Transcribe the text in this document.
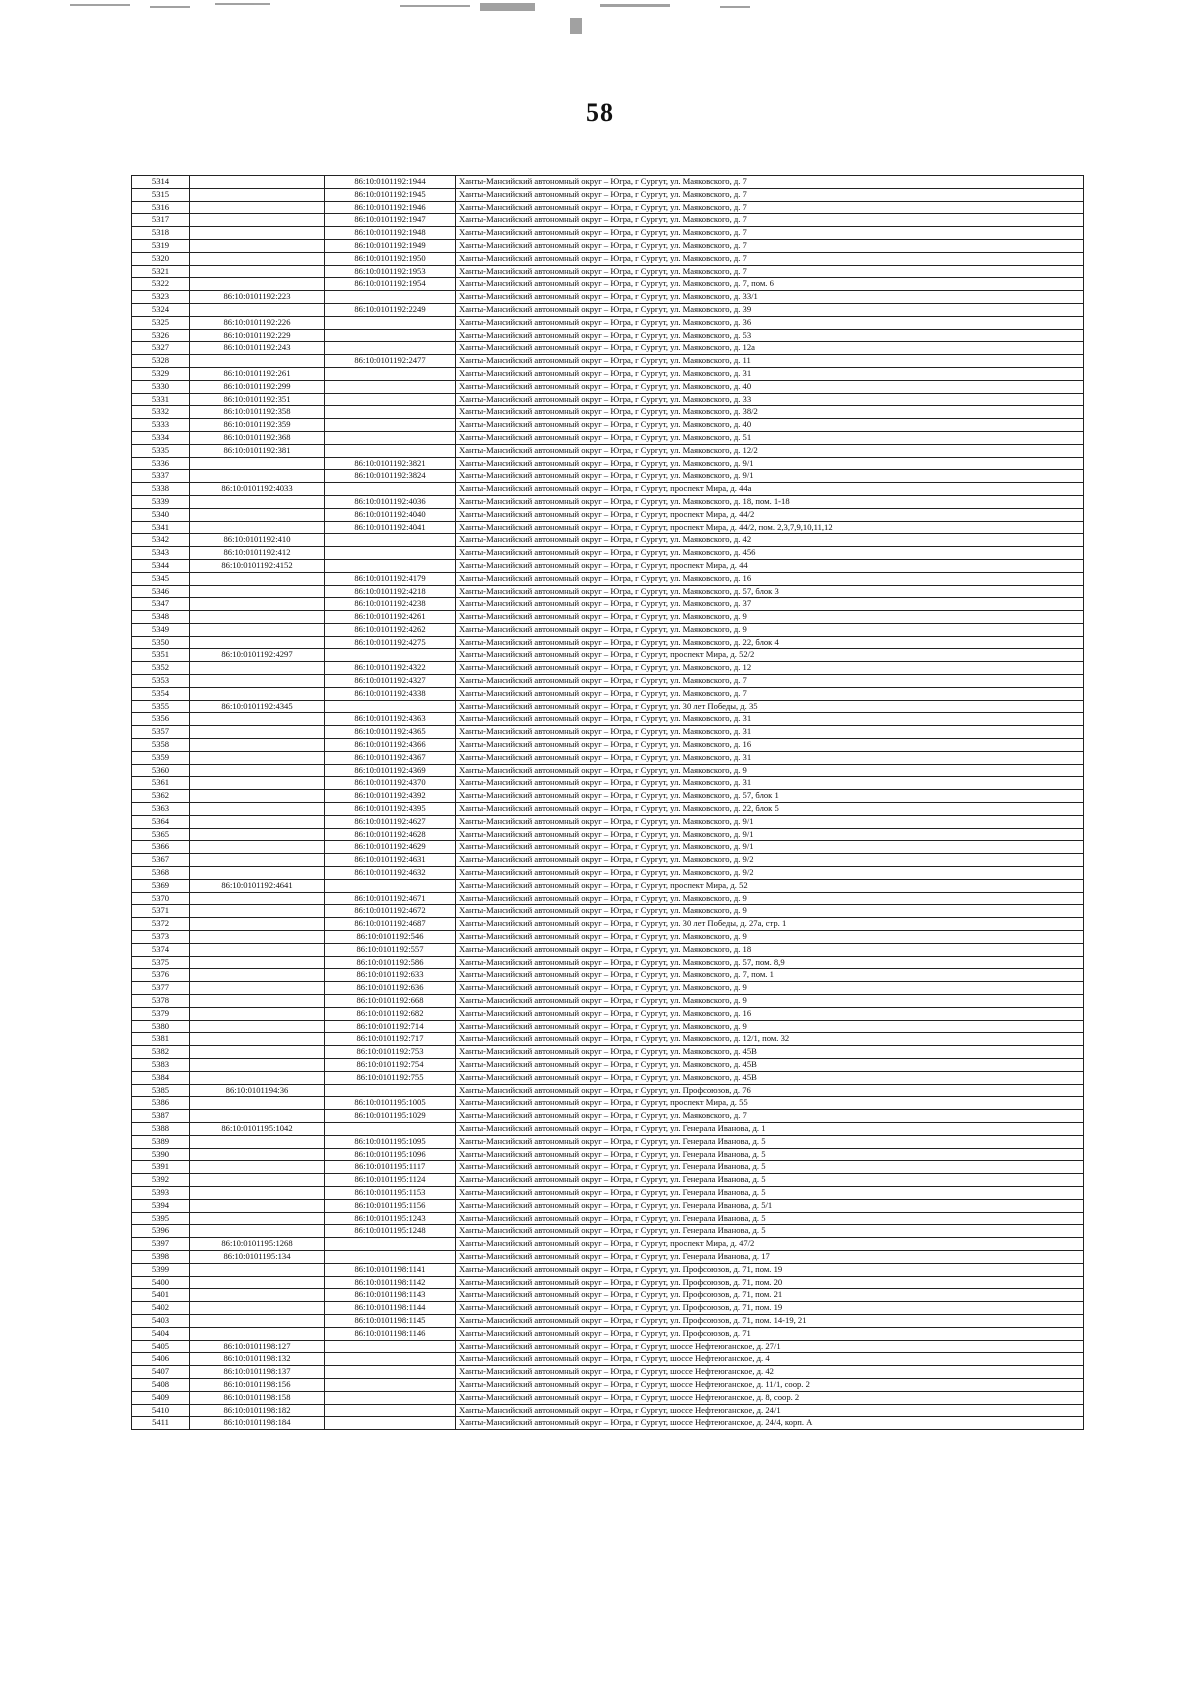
58
5314		86:10:0101192:1944	Ханты-Мансийский автономный округ – Югра, г Сургут, ул. Маяковского, д. 7
5315		86:10:0101192:1945	Ханты-Мансийский автономный округ – Югра, г Сургут, ул. Маяковского, д. 7
5316		86:10:0101192:1946	Ханты-Мансийский автономный округ – Югра, г Сургут, ул. Маяковского, д. 7
5317		86:10:0101192:1947	Ханты-Мансийский автономный округ – Югра, г Сургут, ул. Маяковского, д. 7
5318		86:10:0101192:1948	Ханты-Мансийский автономный округ – Югра, г Сургут, ул. Маяковского, д. 7
5319		86:10:0101192:1949	Ханты-Мансийский автономный округ – Югра, г Сургут, ул. Маяковского, д. 7
5320		86:10:0101192:1950	Ханты-Мансийский автономный округ – Югра, г Сургут, ул. Маяковского, д. 7
5321		86:10:0101192:1953	Ханты-Мансийский автономный округ – Югра, г Сургут, ул. Маяковского, д. 7
5322		86:10:0101192:1954	Ханты-Мансийский автономный округ – Югра, г Сургут, ул. Маяковского, д. 7, пом. 6
5323	86:10:0101192:223		Ханты-Мансийский автономный округ – Югра, г Сургут, ул. Маяковского, д. 33/1
5324		86:10:0101192:2249	Ханты-Мансийский автономный округ – Югра, г Сургут, ул. Маяковского, д. 39
5325	86:10:0101192:226		Ханты-Мансийский автономный округ – Югра, г Сургут, ул. Маяковского, д. 36
5326	86:10:0101192:229		Ханты-Мансийский автономный округ – Югра, г Сургут, ул. Маяковского, д. 53
5327	86:10:0101192:243		Ханты-Мансийский автономный округ – Югра, г Сургут, ул. Маяковского, д. 12а
5328		86:10:0101192:2477	Ханты-Мансийский автономный округ – Югра, г Сургут, ул. Маяковского, д. 11
5329	86:10:0101192:261		Ханты-Мансийский автономный округ – Югра, г Сургут, ул. Маяковского, д. 31
5330	86:10:0101192:299		Ханты-Мансийский автономный округ – Югра, г Сургут, ул. Маяковского, д. 40
5331	86:10:0101192:351		Ханты-Мансийский автономный округ – Югра, г Сургут, ул. Маяковского, д. 33
5332	86:10:0101192:358		Ханты-Мансийский автономный округ – Югра, г Сургут, ул. Маяковского, д. 38/2
5333	86:10:0101192:359		Ханты-Мансийский автономный округ – Югра, г Сургут, ул. Маяковского, д. 40
5334	86:10:0101192:368		Ханты-Мансийский автономный округ – Югра, г Сургут, ул. Маяковского, д. 51
5335	86:10:0101192:381		Ханты-Мансийский автономный округ – Югра, г Сургут, ул. Маяковского, д. 12/2
5336		86:10:0101192:3821	Ханты-Мансийский автономный округ – Югра, г Сургут, ул. Маяковского, д. 9/1
5337		86:10:0101192:3824	Ханты-Мансийский автономный округ – Югра, г Сургут, ул. Маяковского, д. 9/1
5338	86:10:0101192:4033		Ханты-Мансийский автономный округ – Югра, г Сургут, проспект Мира, д. 44а
5339		86:10:0101192:4036	Ханты-Мансийский автономный округ – Югра, г Сургут, ул. Маяковского, д. 18, пом. 1-18
5340		86:10:0101192:4040	Ханты-Мансийский автономный округ – Югра, г Сургут, проспект Мира, д. 44/2
5341		86:10:0101192:4041	Ханты-Мансийский автономный округ – Югра, г Сургут, проспект Мира, д. 44/2, пом. 2,3,7,9,10,11,12
5342	86:10:0101192:410		Ханты-Мансийский автономный округ – Югра, г Сургут, ул. Маяковского, д. 42
5343	86:10:0101192:412		Ханты-Мансийский автономный округ – Югра, г Сургут, ул. Маяковского, д. 456
5344	86:10:0101192:4152		Ханты-Мансийский автономный округ – Югра, г Сургут, проспект Мира, д. 44
5345		86:10:0101192:4179	Ханты-Мансийский автономный округ – Югра, г Сургут, ул. Маяковского, д. 16
5346		86:10:0101192:4218	Ханты-Мансийский автономный округ – Югра, г Сургут, ул. Маяковского, д. 57, блок 3
5347		86:10:0101192:4238	Ханты-Мансийский автономный округ – Югра, г Сургут, ул. Маяковского, д. 37
5348		86:10:0101192:4261	Ханты-Мансийский автономный округ – Югра, г Сургут, ул. Маяковского, д. 9
5349		86:10:0101192:4262	Ханты-Мансийский автономный округ – Югра, г Сургут, ул. Маяковского, д. 9
5350		86:10:0101192:4275	Ханты-Мансийский автономный округ – Югра, г Сургут, ул. Маяковского, д. 22, блок 4
5351	86:10:0101192:4297		Ханты-Мансийский автономный округ – Югра, г Сургут, проспект Мира, д. 52/2
5352		86:10:0101192:4322	Ханты-Мансийский автономный округ – Югра, г Сургут, ул. Маяковского, д. 12
5353		86:10:0101192:4327	Ханты-Мансийский автономный округ – Югра, г Сургут, ул. Маяковского, д. 7
5354		86:10:0101192:4338	Ханты-Мансийский автономный округ – Югра, г Сургут, ул. Маяковского, д. 7
5355	86:10:0101192:4345		Ханты-Мансийский автономный округ – Югра, г Сургут, ул. 30 лет Победы, д. 35
5356		86:10:0101192:4363	Ханты-Мансийский автономный округ – Югра, г Сургут, ул. Маяковского, д. 31
5357		86:10:0101192:4365	Ханты-Мансийский автономный округ – Югра, г Сургут, ул. Маяковского, д. 31
5358		86:10:0101192:4366	Ханты-Мансийский автономный округ – Югра, г Сургут, ул. Маяковского, д. 16
5359		86:10:0101192:4367	Ханты-Мансийский автономный округ – Югра, г Сургут, ул. Маяковского, д. 31
5360		86:10:0101192:4369	Ханты-Мансийский автономный округ – Югра, г Сургут, ул. Маяковского, д. 9
5361		86:10:0101192:4370	Ханты-Мансийский автономный округ – Югра, г Сургут, ул. Маяковского, д. 31
5362		86:10:0101192:4392	Ханты-Мансийский автономный округ – Югра, г Сургут, ул. Маяковского, д. 57, блок 1
5363		86:10:0101192:4395	Ханты-Мансийский автономный округ – Югра, г Сургут, ул. Маяковского, д. 22, блок 5
5364		86:10:0101192:4627	Ханты-Мансийский автономный округ – Югра, г Сургут, ул. Маяковского, д. 9/1
5365		86:10:0101192:4628	Ханты-Мансийский автономный округ – Югра, г Сургут, ул. Маяковского, д. 9/1
5366		86:10:0101192:4629	Ханты-Мансийский автономный округ – Югра, г Сургут, ул. Маяковского, д. 9/1
5367		86:10:0101192:4631	Ханты-Мансийский автономный округ – Югра, г Сургут, ул. Маяковского, д. 9/2
5368		86:10:0101192:4632	Ханты-Мансийский автономный округ – Югра, г Сургут, ул. Маяковского, д. 9/2
5369	86:10:0101192:4641		Ханты-Мансийский автономный округ – Югра, г Сургут, проспект Мира, д. 52
5370		86:10:0101192:4671	Ханты-Мансийский автономный округ – Югра, г Сургут, ул. Маяковского, д. 9
5371		86:10:0101192:4672	Ханты-Мансийский автономный округ – Югра, г Сургут, ул. Маяковского, д. 9
5372		86:10:0101192:4687	Ханты-Мансийский автономный округ – Югра, г Сургут, ул. 30 лет Победы, д. 27а, стр. 1
5373		86:10:0101192:546	Ханты-Мансийский автономный округ – Югра, г Сургут, ул. Маяковского, д. 9
5374		86:10:0101192:557	Ханты-Мансийский автономный округ – Югра, г Сургут, ул. Маяковского, д. 18
5375		86:10:0101192:586	Ханты-Мансийский автономный округ – Югра, г Сургут, ул. Маяковского, д. 57, пом. 8,9
5376		86:10:0101192:633	Ханты-Мансийский автономный округ – Югра, г Сургут, ул. Маяковского, д. 7, пом. 1
5377		86:10:0101192:636	Ханты-Мансийский автономный округ – Югра, г Сургут, ул. Маяковского, д. 9
5378		86:10:0101192:668	Ханты-Мансийский автономный округ – Югра, г Сургут, ул. Маяковского, д. 9
5379		86:10:0101192:682	Ханты-Мансийский автономный округ – Югра, г Сургут, ул. Маяковского, д. 16
5380		86:10:0101192:714	Ханты-Мансийский автономный округ – Югра, г Сургут, ул. Маяковского, д. 9
5381		86:10:0101192:717	Ханты-Мансийский автономный округ – Югра, г Сургут, ул. Маяковского, д. 12/1, пом. 32
5382		86:10:0101192:753	Ханты-Мансийский автономный округ – Югра, г Сургут, ул. Маяковского, д. 45В
5383		86:10:0101192:754	Ханты-Мансийский автономный округ – Югра, г Сургут, ул. Маяковского, д. 45В
5384		86:10:0101192:755	Ханты-Мансийский автономный округ – Югра, г Сургут, ул. Маяковского, д. 45В
5385	86:10:0101194:36		Ханты-Мансийский автономный округ – Югра, г Сургут, ул. Профсоюзов, д. 76
5386		86:10:0101195:1005	Ханты-Мансийский автономный округ – Югра, г Сургут, проспект Мира, д. 55
5387		86:10:0101195:1029	Ханты-Мансийский автономный округ – Югра, г Сургут, ул. Маяковского, д. 7
5388	86:10:0101195:1042		Ханты-Мансийский автономный округ – Югра, г Сургут, ул. Генерала Иванова, д. 1
5389		86:10:0101195:1095	Ханты-Мансийский автономный округ – Югра, г Сургут, ул. Генерала Иванова, д. 5
5390		86:10:0101195:1096	Ханты-Мансийский автономный округ – Югра, г Сургут, ул. Генерала Иванова, д. 5
5391		86:10:0101195:1117	Ханты-Мансийский автономный округ – Югра, г Сургут, ул. Генерала Иванова, д. 5
5392		86:10:0101195:1124	Ханты-Мансийский автономный округ – Югра, г Сургут, ул. Генерала Иванова, д. 5
5393		86:10:0101195:1153	Ханты-Мансийский автономный округ – Югра, г Сургут, ул. Генерала Иванова, д. 5
5394		86:10:0101195:1156	Ханты-Мансийский автономный округ – Югра, г Сургут, ул. Генерала Иванова, д. 5/1
5395		86:10:0101195:1243	Ханты-Мансийский автономный округ – Югра, г Сургут, ул. Генерала Иванова, д. 5
5396		86:10:0101195:1248	Ханты-Мансийский автономный округ – Югра, г Сургут, ул. Генерала Иванова, д. 5
5397	86:10:0101195:1268		Ханты-Мансийский автономный округ – Югра, г Сургут, проспект Мира, д. 47/2
5398	86:10:0101195:134		Ханты-Мансийский автономный округ – Югра, г Сургут, ул. Генерала Иванова, д. 17
5399		86:10:0101198:1141	Ханты-Мансийский автономный округ – Югра, г Сургут, ул. Профсоюзов, д. 71, пом. 19
5400		86:10:0101198:1142	Ханты-Мансийский автономный округ – Югра, г Сургут, ул. Профсоюзов, д. 71, пом. 20
5401		86:10:0101198:1143	Ханты-Мансийский автономный округ – Югра, г Сургут, ул. Профсоюзов, д. 71, пом. 21
5402		86:10:0101198:1144	Ханты-Мансийский автономный округ – Югра, г Сургут, ул. Профсоюзов, д. 71, пом. 19
5403		86:10:0101198:1145	Ханты-Мансийский автономный округ – Югра, г Сургут, ул. Профсоюзов, д. 71, пом. 14-19, 21
5404		86:10:0101198:1146	Ханты-Мансийский автономный округ – Югра, г Сургут, ул. Профсоюзов, д. 71
5405	86:10:0101198:127		Ханты-Мансийский автономный округ – Югра, г Сургут, шоссе Нефтеюганское, д. 27/1
5406	86:10:0101198:132		Ханты-Мансийский автономный округ – Югра, г Сургут, шоссе Нефтеюганское, д. 4
5407	86:10:0101198:137		Ханты-Мансийский автономный округ – Югра, г Сургут, шоссе Нефтеюганское, д. 42
5408	86:10:0101198:156		Ханты-Мансийский автономный округ – Югра, г Сургут, шоссе Нефтеюганское, д. 11/1, соор. 2
5409	86:10:0101198:158		Ханты-Мансийский автономный округ – Югра, г Сургут, шоссе Нефтеюганское, д. 8, соор. 2
5410	86:10:0101198:182		Ханты-Мансийский автономный округ – Югра, г Сургут, шоссе Нефтеюганское, д. 24/1
5411	86:10:0101198:184		Ханты-Мансийский автономный округ – Югра, г Сургут, шоссе Нефтеюганское, д. 24/4, корп. А
